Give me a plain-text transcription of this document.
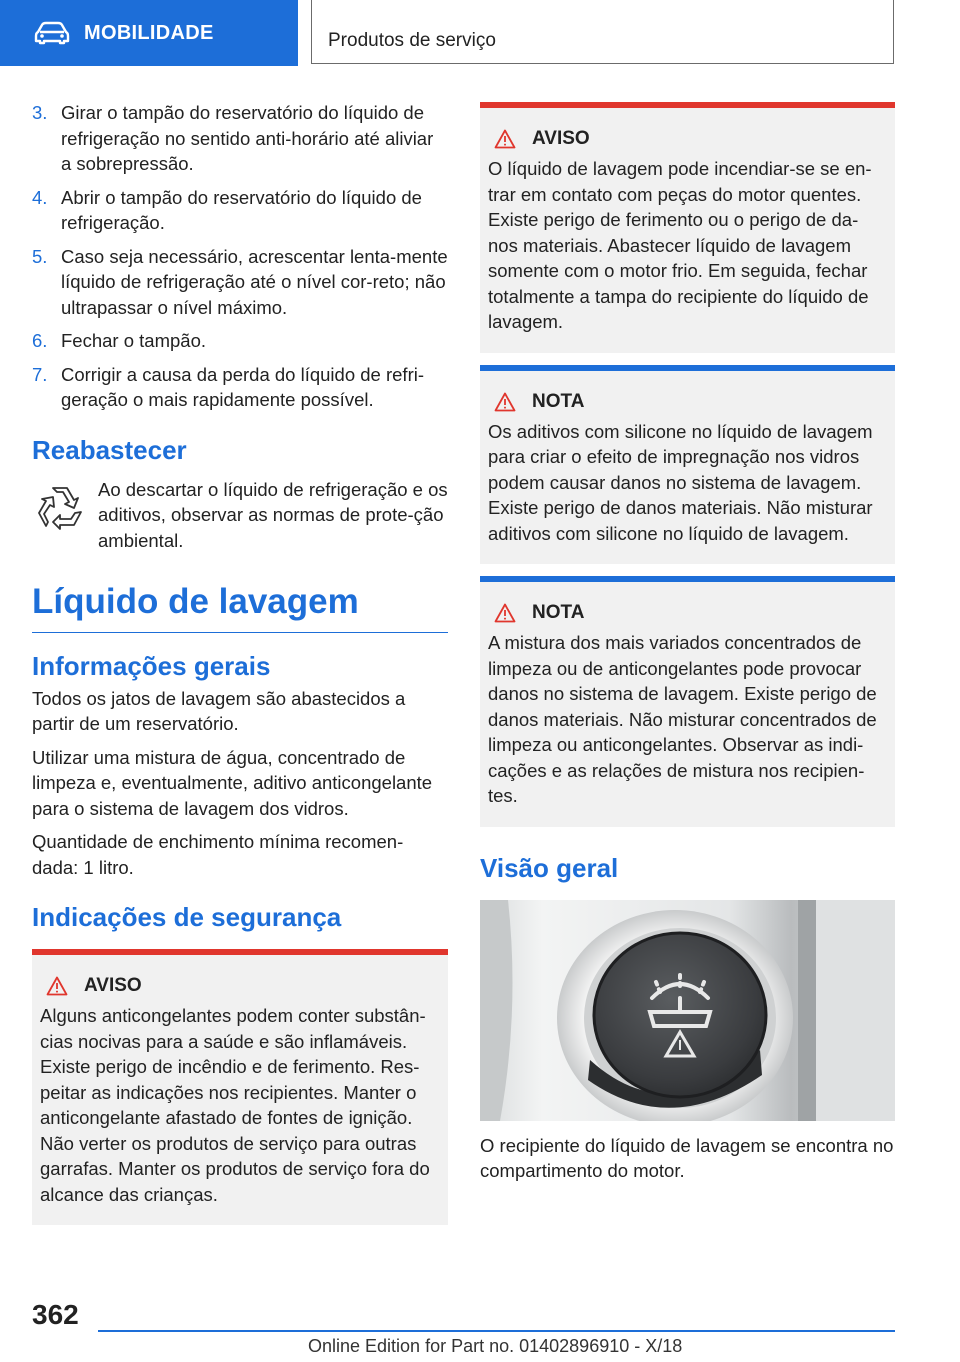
MOBILIDADE	Produtos de serviço
3. Girar o tampão do reservatório do líquido de refrigeração no sentido anti-horário até aliviar a sobrepressão.
4. Abrir o tampão do reservatório do líquido de refrigeração.
5. Caso seja necessário, acrescentar lenta-mente líquido de refrigeração até o nível cor-reto; não ultrapassar o nível máximo.
6. Fechar o tampão.
7. Corrigir a causa da perda do líquido de refri-geração o mais rapidamente possível.
Reabastecer

Ao descartar o líquido de refrigeração e os aditivos, observar as normas de prote-ção ambiental.

Líquido de lavagem
Informações gerais

Todos os jatos de lavagem são abastecidos a partir de um reservatório.

Utilizar uma mistura de água, concentrado de limpeza e, eventualmente, aditivo anticongelante para o sistema de lavagem dos vidros.

Quantidade de enchimento mínima recomen-dada: 1 litro.

Indicações de segurança
AVISO

Alguns anticongelantes podem conter substân-cias nocivas para a saúde e são inflamáveis. Existe perigo de incêndio e de ferimento. Res-peitar as indicações nos recipientes. Manter o anticongelante afastado de fontes de ignição. Não verter os produtos de serviço para outras garrafas. Manter os produtos de serviço fora do alcance das crianças.

AVISO

O líquido de lavagem pode incendiar-se se en-trar em contato com peças do motor quentes. Existe perigo de ferimento ou o perigo de da-nos materiais. Abastecer líquido de lavagem somente com o motor frio. Em seguida, fechar totalmente a tampa do recipiente do líquido de lavagem.

NOTA

Os aditivos com silicone no líquido de lavagem para criar o efeito de impregnação nos vidros podem causar danos no sistema de lavagem. Existe perigo de danos materiais. Não misturar aditivos com silicone no líquido de lavagem.

NOTA

A mistura dos mais variados concentrados de limpeza ou de anticongelantes pode provocar danos no sistema de lavagem. Existe perigo de danos materiais. Não misturar concentrados de limpeza ou anticongelantes. Observar as indi-cações e as relações de mistura nos recipien-tes.

Visão geral

O recipiente do líquido de lavagem se encontra no compartimento do motor.

362
Online Edition for Part no. 01402896910 - X/18
